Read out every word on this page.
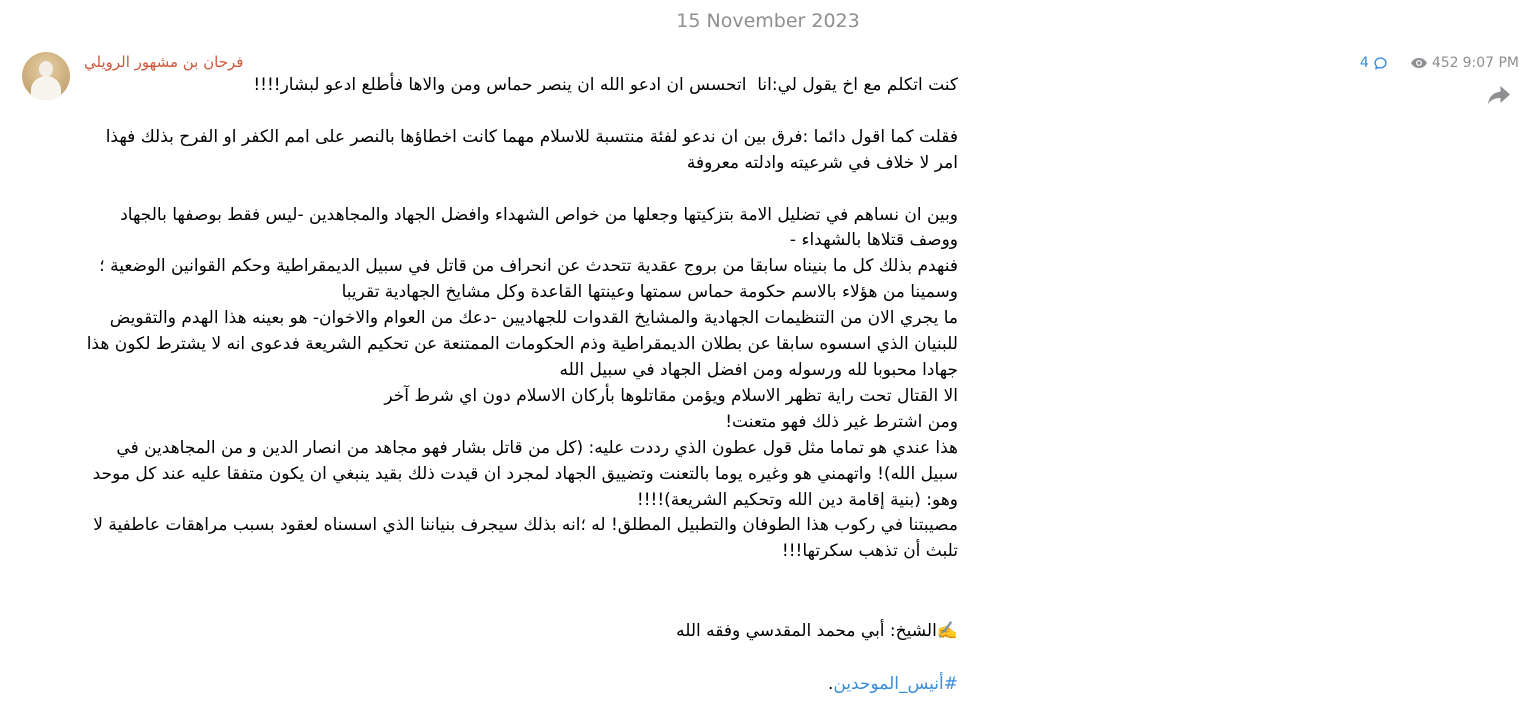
15 November 2023
فرحان بن مشهور الرويلي
كنت اتكلم مع اخ يقول لي:انا  اتحسس ان ادعو الله ان ينصر حماس ومن والاها فأطلع ادعو لبشار!!!!

فقلت كما اقول دائما :فرق بين ان ندعو لفئة منتسبة للاسلام مهما كانت اخطاؤها بالنصر على امم الكفر او الفرح بذلك فهذا امر لا خلاف في شرعيته وادلته معروفة

وبين ان نساهم في تضليل الامة بتزكيتها وجعلها من خواص الشهداء وافضل الجهاد والمجاهدين -ليس فقط بوصفها بالجهاد ووصف قتلاها بالشهداء -
فنهدم بذلك كل ما بنيناه سابقا من بروج عقدية تتحدث عن انحراف من قاتل في سبيل الديمقراطية وحكم القوانين الوضعية ؛وسمينا من هؤلاء بالاسم حكومة حماس سمتها وعينتها القاعدة وكل مشايخ الجهادية تقريبا
ما يجري الان من التنظيمات الجهادية والمشايخ القدوات للجهاديين -دعك من العوام والاخوان- هو بعينه هذا الهدم والتقويض للبنيان الذي اسسوه سابقا عن بطلان الديمقراطية وذم الحكومات الممتنعة عن تحكيم الشريعة فدعوى انه لا يشترط لكون هذا جهادا محبوبا لله ورسوله ومن افضل الجهاد في سبيل الله
الا القتال تحت راية تظهر الاسلام ويؤمن مقاتلوها بأركان الاسلام دون اي شرط آخر
ومن اشترط غير ذلك فهو متعنت!
هذا عندي هو تماما مثل قول عطون الذي رددت عليه: (كل من قاتل بشار فهو مجاهد من انصار الدين و من المجاهدين في سبيل الله)! واتهمني هو وغيره يوما بالتعنت وتضييق الجهاد لمجرد ان قيدت ذلك بقيد ينبغي ان يكون متفقا عليه عند كل موحد وهو: (بنية إقامة دين الله وتحكيم الشريعة)!!!!
مصيبتنا في ركوب هذا الطوفان والتطبيل المطلق! له ؛انه بذلك سيجرف بنياننا الذي اسسناه لعقود بسبب مراهقات عاطفية لا تلبث أن تذهب سكرتها!!!
✍️الشيخ: أبي محمد المقدسي وفقه الله
#أنيس_الموحدين.
4	452 9:07 PM
